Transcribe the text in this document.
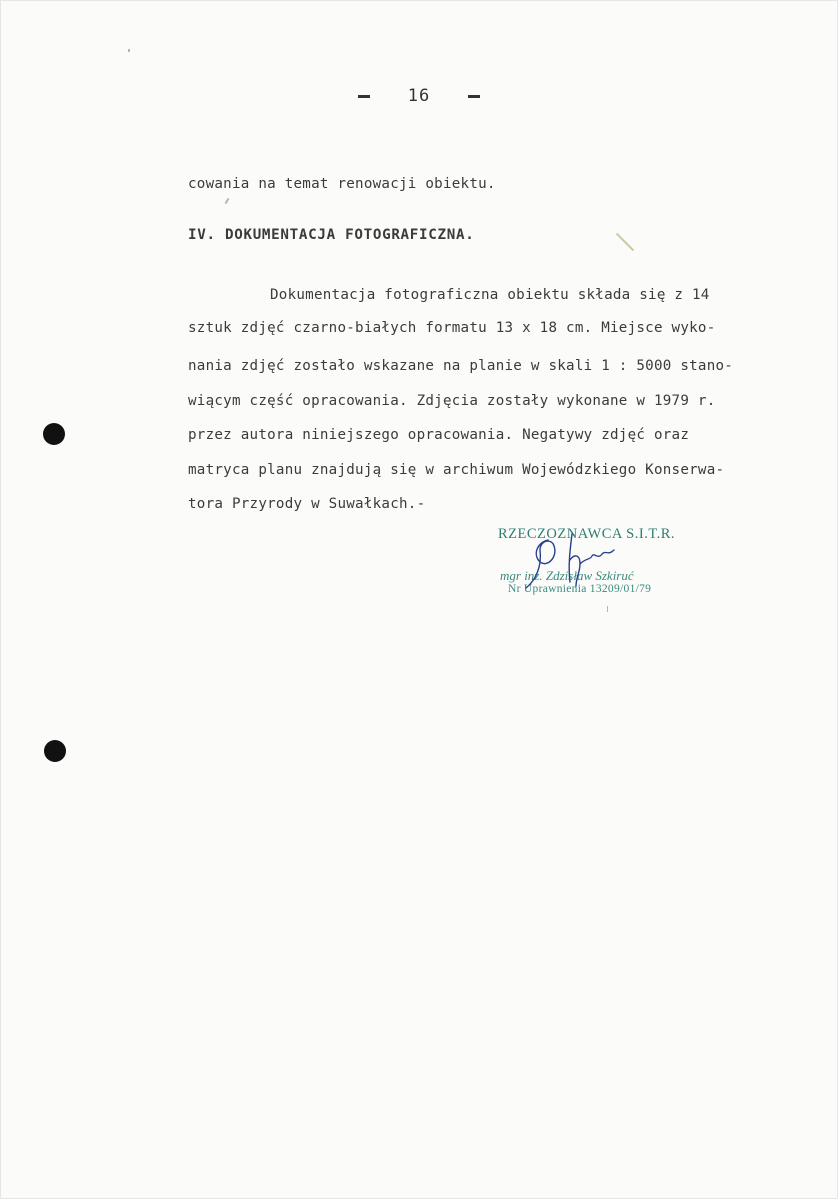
16
cowania na temat renowacji obiektu.
IV. DOKUMENTACJA FOTOGRAFICZNA.
Dokumentacja fotograficzna obiektu składa się z 14
sztuk zdjęć czarno-białych formatu 13 x 18 cm. Miejsce wyko-
nania zdjęć zostało wskazane na planie w skali 1 : 5000 stano-
wiącym część opracowania. Zdjęcia zostały wykonane w 1979 r.
przez autora niniejszego opracowania. Negatywy zdjęć oraz
matryca planu znajdują się w archiwum Wojewódzkiego Konserwa-
tora Przyrody w Suwałkach.-
RZECZOZNAWCA S.I.T.R.
mgr inż. Zdzisław Szkiruć
Nr Uprawnienia 13209/01/79
